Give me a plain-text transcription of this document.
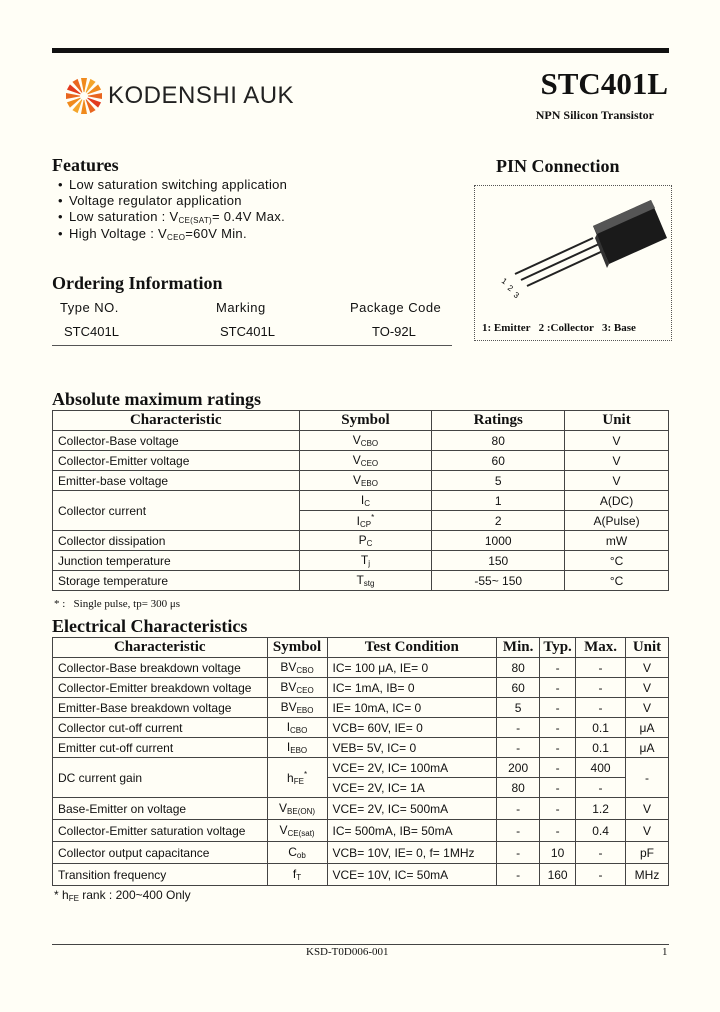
KODENSHI AUK	STC401L
NPN Silicon Transistor
Features
• Low saturation switching application
• Voltage regulator application
• Low saturation : $V_{CE(SAT)}= 0.4V$ Max.
• High Voltage : $V_{CEO}=60V$ Min.
PIN Connection
1
2
3
1: Emitter   2 :Collector   3: Base
Ordering Information
Type NO.	Marking	Package Code
STC401L	STC401L	TO-92L
Absolute maximum ratings
Characteristic	Symbol	Ratings	Unit
Collector-Base voltage	$V_{CBO}$	80	V
Collector-Emitter voltage	$V_{CEO}$	60	V
Emitter-base voltage	$V_{EBO}$	5	V
Collector current	$I_C$	1	A(DC)
	$I_{CP}^*$	2	A(Pulse)
Collector dissipation	$P_C$	1000	mW
Junction temperature	$T_j$	150	°C
Storage temperature	$T_{stg}$	-55~ 150	°C
* :   Single pulse, tp= 300 μs
Electrical Characteristics
Characteristic	Symbol	Test Condition	Min.	Typ.	Max.	Unit
Collector-Base breakdown voltage	$BV_{CBO}$	IC= 100 μA, IE= 0	80	-	-	V
Collector-Emitter breakdown voltage	$BV_{CEO}$	IC= 1mA, IB= 0	60	-	-	V
Emitter-Base breakdown voltage	$BV_{EBO}$	IE= 10mA, IC= 0	5	-	-	V
Collector cut-off current	$I_{CBO}$	VCB= 60V, IE= 0	-	-	0.1	μA
Emitter cut-off current	$I_{EBO}$	VEB= 5V, IC= 0	-	-	0.1	μA
DC current gain	$h_{FE}^*$	VCE= 2V, IC= 100mA	200	-	400	-
		VCE= 2V, IC= 1A	80	-	-	
Base-Emitter on voltage	$V_{BE(ON)}$	VCE= 2V, IC= 500mA	-	-	1.2	V
Collector-Emitter saturation voltage	$V_{CE(sat)}$	IC= 500mA, IB= 50mA	-	-	0.4	V
Collector output capacitance	$C_{ob}$	VCB= 10V, IE= 0, f= 1MHz	-	10	-	pF
Transition frequency	$f_T$	VCE= 10V, IC= 50mA	-	160	-	MHz
* $h_{FE}$ rank : 200~400 Only
KSD-T0D006-001	1
